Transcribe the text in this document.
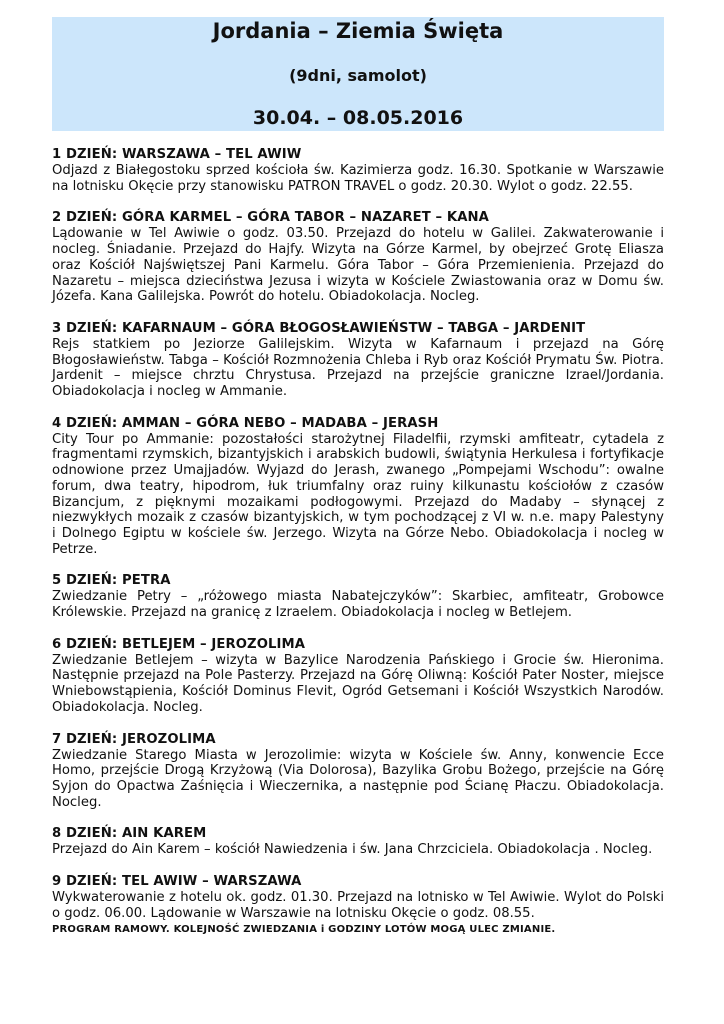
Jordania – Ziemia Święta
(9dni, samolot)
30.04. – 08.05.2016
1 DZIEŃ: WARSZAWA – TEL AWIW
Odjazd z Białegostoku sprzed kościoła św. Kazimierza godz. 16.30. Spotkanie w Warszawie na lotnisku Okęcie przy stanowisku PATRON TRAVEL o godz. 20.30. Wylot o godz. 22.55.
2 DZIEŃ: GÓRA KARMEL – GÓRA TABOR – NAZARET – KANA
Lądowanie w Tel Awiwie o godz. 03.50. Przejazd do hotelu w Galilei. Zakwaterowanie i nocleg. Śniadanie. Przejazd do Hajfy. Wizyta na Górze Karmel, by obejrzeć Grotę Eliasza oraz Kościół Najświętszej Pani Karmelu. Góra Tabor – Góra Przemienienia. Przejazd do Nazaretu – miejsca dzieciństwa Jezusa i wizyta w Kościele Zwiastowania oraz w Domu św. Józefa. Kana Galilejska. Powrót do hotelu. Obiadokolacja. Nocleg.
3 DZIEŃ: KAFARNAUM – GÓRA BŁOGOSŁAWIEŃSTW – TABGA – JARDENIT
Rejs statkiem po Jeziorze Galilejskim. Wizyta w Kafarnaum i przejazd na Górę Błogosławieństw. Tabga – Kościół Rozmnożenia Chleba i Ryb oraz Kościół Prymatu Św. Piotra. Jardenit – miejsce chrztu Chrystusa. Przejazd na przejście graniczne Izrael/Jordania. Obiadokolacja i nocleg w Ammanie.
4 DZIEŃ: AMMAN – GÓRA NEBO – MADABA – JERASH
City Tour po Ammanie: pozostałości starożytnej Filadelfii, rzymski amfiteatr, cytadela z fragmentami rzymskich, bizantyjskich i arabskich budowli, świątynia Herkulesa i fortyfikacje odnowione przez Umajjadów. Wyjazd do Jerash, zwanego „Pompejami Wschodu”: owalne forum, dwa teatry, hipodrom, łuk triumfalny oraz ruiny kilkunastu kościołów z czasów Bizancjum, z pięknymi mozaikami podłogowymi. Przejazd do Madaby – słynącej z niezwykłych mozaik z czasów bizantyjskich, w tym pochodzącej z VI w. n.e. mapy Palestyny i Dolnego Egiptu w kościele św. Jerzego. Wizyta na Górze Nebo. Obiadokolacja i nocleg w Petrze.
5 DZIEŃ: PETRA
Zwiedzanie Petry – „różowego miasta Nabatejczyków”: Skarbiec, amfiteatr, Grobowce Królewskie. Przejazd na granicę z Izraelem. Obiadokolacja i nocleg w Betlejem.
6 DZIEŃ: BETLEJEM – JEROZOLIMA
Zwiedzanie Betlejem – wizyta w Bazylice Narodzenia Pańskiego i Grocie św. Hieronima. Następnie przejazd na Pole Pasterzy. Przejazd na Górę Oliwną: Kościół Pater Noster, miejsce Wniebowstąpienia, Kościół Dominus Flevit, Ogród Getsemani i Kościół Wszystkich Narodów. Obiadokolacja. Nocleg.
7 DZIEŃ: JEROZOLIMA
Zwiedzanie Starego Miasta w Jerozolimie: wizyta w Kościele św. Anny, konwencie Ecce Homo, przejście Drogą Krzyżową (Via Dolorosa), Bazylika Grobu Bożego, przejście na Górę Syjon do Opactwa Zaśnięcia i Wieczernika, a następnie pod Ścianę Płaczu. Obiadokolacja. Nocleg.
8 DZIEŃ: AIN KAREM
Przejazd do Ain Karem – kościół Nawiedzenia i św. Jana Chrzciciela. Obiadokolacja . Nocleg.
9 DZIEŃ: TEL AWIW – WARSZAWA
Wykwaterowanie z hotelu ok. godz. 01.30. Przejazd na lotnisko w Tel Awiwie. Wylot do Polski o godz. 06.00. Lądowanie w Warszawie na lotnisku Okęcie o godz. 08.55.
PROGRAM RAMOWY. KOLEJNOŚĆ ZWIEDZANIA i GODZINY LOTÓW MOGĄ ULEC ZMIANIE.
